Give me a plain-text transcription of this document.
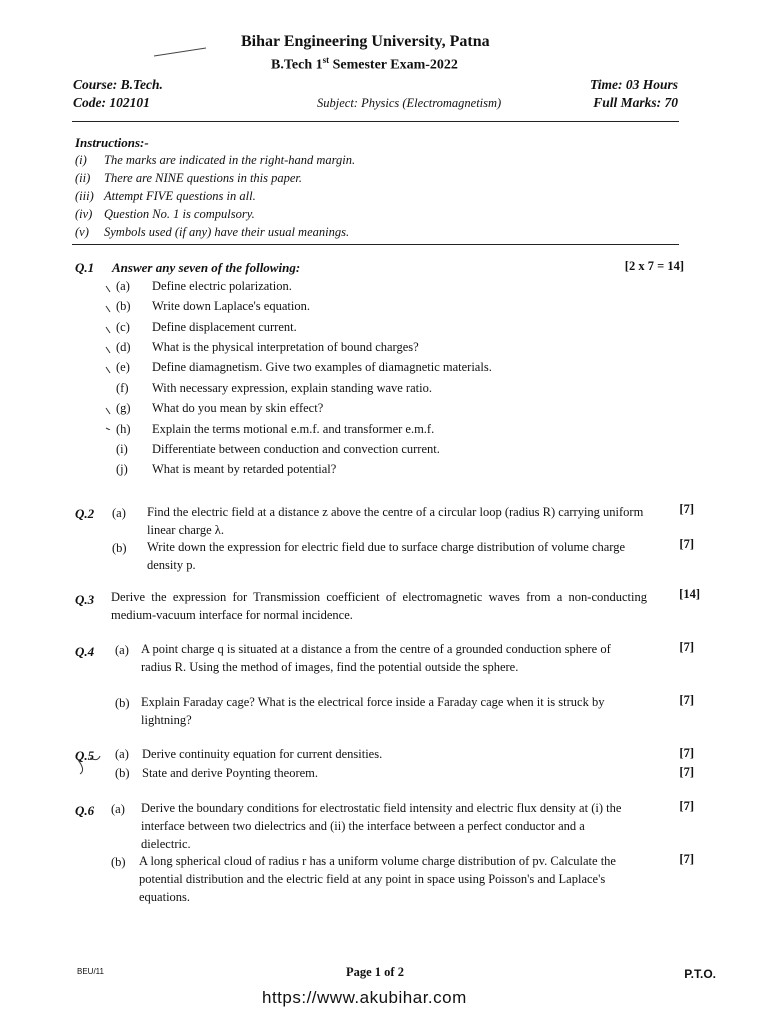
Bihar Engineering University, Patna
B.Tech 1st Semester Exam-2022
Course: B.Tech.
Code: 102101	Subject: Physics (Electromagnetism)
Time: 03 Hours
Full Marks: 70
Instructions:-
(i) The marks are indicated in the right-hand margin.
(ii) There are NINE questions in this paper.
(iii) Attempt FIVE questions in all.
(iv) Question No. 1 is compulsory.
(v) Symbols used (if any) have their usual meanings.
Q.1 Answer any seven of the following:	[2 x 7 = 14]
(a) Define electric polarization.
(b) Write down Laplace's equation.
(c) Define displacement current.
(d) What is the physical interpretation of bound charges?
(e) Define diamagnetism. Give two examples of diamagnetic materials.
(f) With necessary expression, explain standing wave ratio.
(g) What do you mean by skin effect?
(h) Explain the terms motional e.m.f. and transformer e.m.f.
(i) Differentiate between conduction and convection current.
(j) What is meant by retarded potential?
Q.2 (a) Find the electric field at a distance z above the centre of a circular loop (radius R) carrying uniform linear charge λ.
[7]
(b) Write down the expression for electric field due to surface charge distribution of volume charge density p.
[7]
Q.3 Derive the expression for Transmission coefficient of electromagnetic waves from a non-conducting medium-vacuum interface for normal incidence.
[14]
Q.4 (a) A point charge q is situated at a distance a from the centre of a grounded conduction sphere of radius R. Using the method of images, find the potential outside the sphere.
[7]
(b) Explain Faraday cage? What is the electrical force inside a Faraday cage when it is struck by lightning?
[7]
Q.5 (a) Derive continuity equation for current densities.	[7]
(b) State and derive Poynting theorem.	[7]
Q.6 (a) Derive the boundary conditions for electrostatic field intensity and electric flux density at (i) the interface between two dielectrics and (ii) the interface between a perfect conductor and a dielectric.
[7]
(b) A long spherical cloud of radius r has a uniform volume charge distribution of pv. Calculate the potential distribution and the electric field at any point in space using Poisson's and Laplace's equations.
[7]
BEU/11	Page 1 of 2	P.T.O.
https://www.akubihar.com
